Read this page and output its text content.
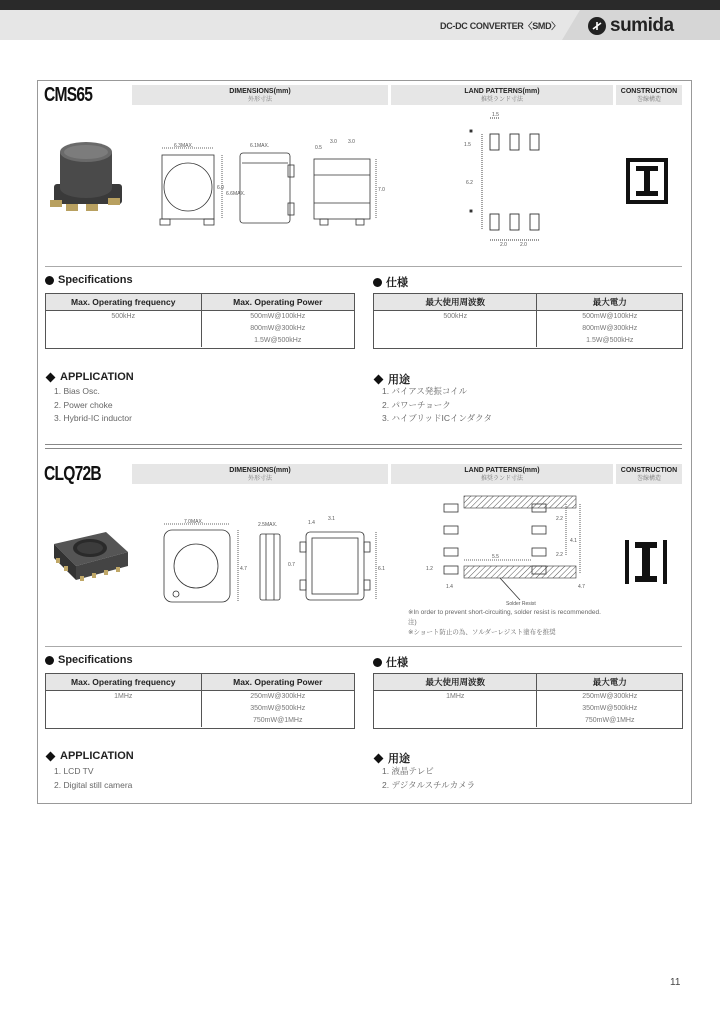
DC-DC CONVERTER〈SMD〉	sumida
CMS65	DIMENSIONS(mm)
外形寸法
LAND PATTERNS(mm)
推奨ランド寸法
CONSTRUCTION
巻線構造
6.3MAX.
6.0
6.6MAX.
6.1MAX.	0.5
3.0 3.0
7.0
1.5
1.5
6.2
2.0	2.0
Specifications
Max. Operating frequency	Max. Operating Power
500kHz	500mW@100kHz
800mW@300kHz
1.5W@500kHz
仕様
最大使用周波数	最大電力
500kHz	500mW@100kHz
800mW@300kHz
1.5W@500kHz
APPLICATION
1. Bias Osc.
2. Power choke
3. Hybrid-IC inductor
用途
1. バイアス発振コイル
2. パワーチョーク
3. ハイブリッドICインダクタ
CLQ72B	DIMENSIONS(mm)
外形寸法
LAND PATTERNS(mm)
推奨ランド寸法
CONSTRUCTION
巻線構造
7.0MAX.	2.5MAX.	1.4
3.1
0.7
4.7	6.1
5.5
1.4
1.2
2.2
4.1
2.2
4.7
Solder Resist
※In order to prevent short-circuiting, solder resist is recommended.
注)
※ショート防止の為、ソルダーレジスト塗布を推奨
Specifications
Max. Operating frequency	Max. Operating Power
1MHz	250mW@300kHz
350mW@500kHz
750mW@1MHz
仕様
最大使用周波数	最大電力
1MHz	250mW@300kHz
350mW@500kHz
750mW@1MHz
APPLICATION
1. LCD TV
2. Digital still camera
用途
1. 液晶テレビ
2. デジタルスチルカメラ
11
